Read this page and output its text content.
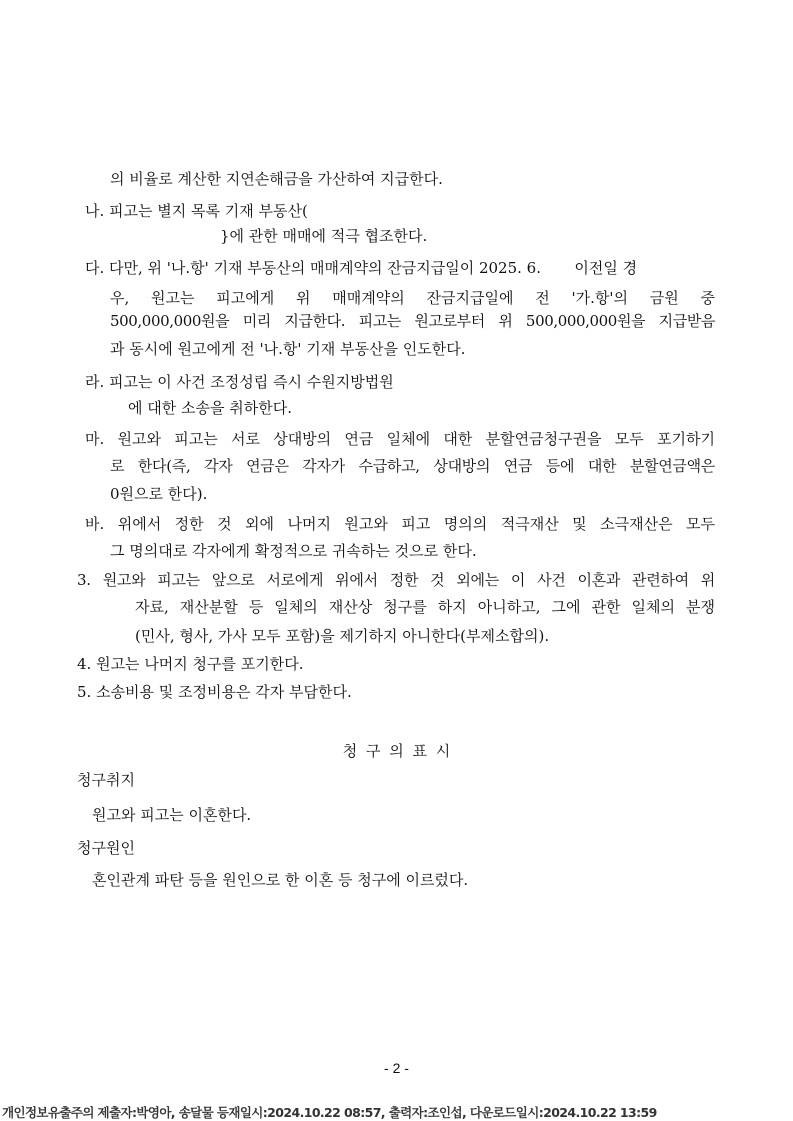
의 비율로 계산한 지연손해금을 가산하여 지급한다.
나. 피고는 별지 목록 기재 부동산(
}에 관한 매매에 적극 협조한다.
다. 다만, 위 '나.항' 기재 부동산의 매매계약의 잔금지급일이 2025. 6.       이전일 경
우, 원고는 피고에게 위 매매계약의 잔금지급일에 전 '가.항'의 금원 중
500,000,000원을 미리 지급한다. 피고는 원고로부터 위 500,000,000원을 지급받음
과 동시에 원고에게 전 '나.항' 기재 부동산을 인도한다.
라. 피고는 이 사건 조정성립 즉시 수원지방법원
에 대한 소송을 취하한다.
마. 원고와 피고는 서로 상대방의 연금 일체에 대한 분할연금청구권을 모두 포기하기
로 한다(즉, 각자 연금은 각자가 수급하고, 상대방의 연금 등에 대한 분할연금액은
0원으로 한다).
바. 위에서 정한 것 외에 나머지 원고와 피고 명의의 적극재산 및 소극재산은 모두
그 명의대로 각자에게 확정적으로 귀속하는 것으로 한다.
3. 원고와 피고는 앞으로 서로에게 위에서 정한 것 외에는 이 사건 이혼과 관련하여 위
자료, 재산분할 등 일체의 재산상 청구를 하지 아니하고, 그에 관한 일체의 분쟁
(민사, 형사, 가사 모두 포함)을 제기하지 아니한다(부제소합의).
4. 원고는 나머지 청구를 포기한다.
5. 소송비용 및 조정비용은 각자 부담한다.
청 구 의 표 시
청구취지
원고와 피고는 이혼한다.
청구원인
혼인관계 파탄 등을 원인으로 한 이혼 등 청구에 이르렀다.
- 2 -
개인정보유출주의 제출자:박영아, 송달물 등재일시:2024.10.22 08:57, 출력자:조인섭, 다운로드일시:2024.10.22 13:59
